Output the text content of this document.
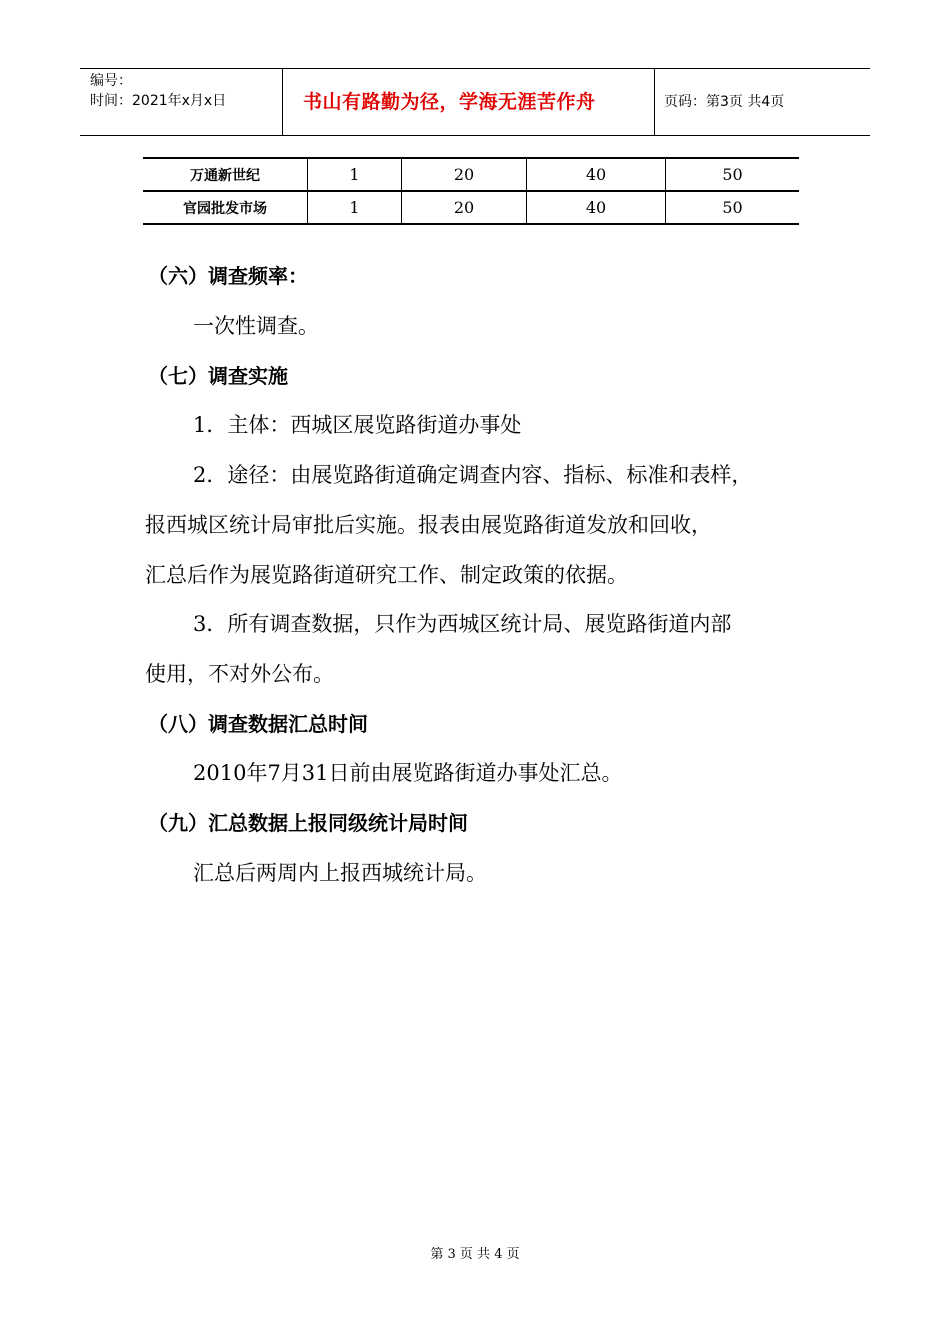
编号：
时间：2021年x月x日	书山有路勤为径，学海无涯苦作舟	页码：第3页 共4页
万通新世纪	1	20	40	50
官园批发市场	1	20	40	50
（六）调查频率：
一次性调查。
（七）调查实施
1．主体：西城区展览路街道办事处
2．途径：由展览路街道确定调查内容、指标、标准和表样，
报西城区统计局审批后实施。报表由展览路街道发放和回收，
汇总后作为展览路街道研究工作、制定政策的依据。
3．所有调查数据，只作为西城区统计局、展览路街道内部
使用，不对外公布。
（八）调查数据汇总时间
2010年7月31日前由展览路街道办事处汇总。
（九）汇总数据上报同级统计局时间
汇总后两周内上报西城统计局。
第 3 页 共 4 页
